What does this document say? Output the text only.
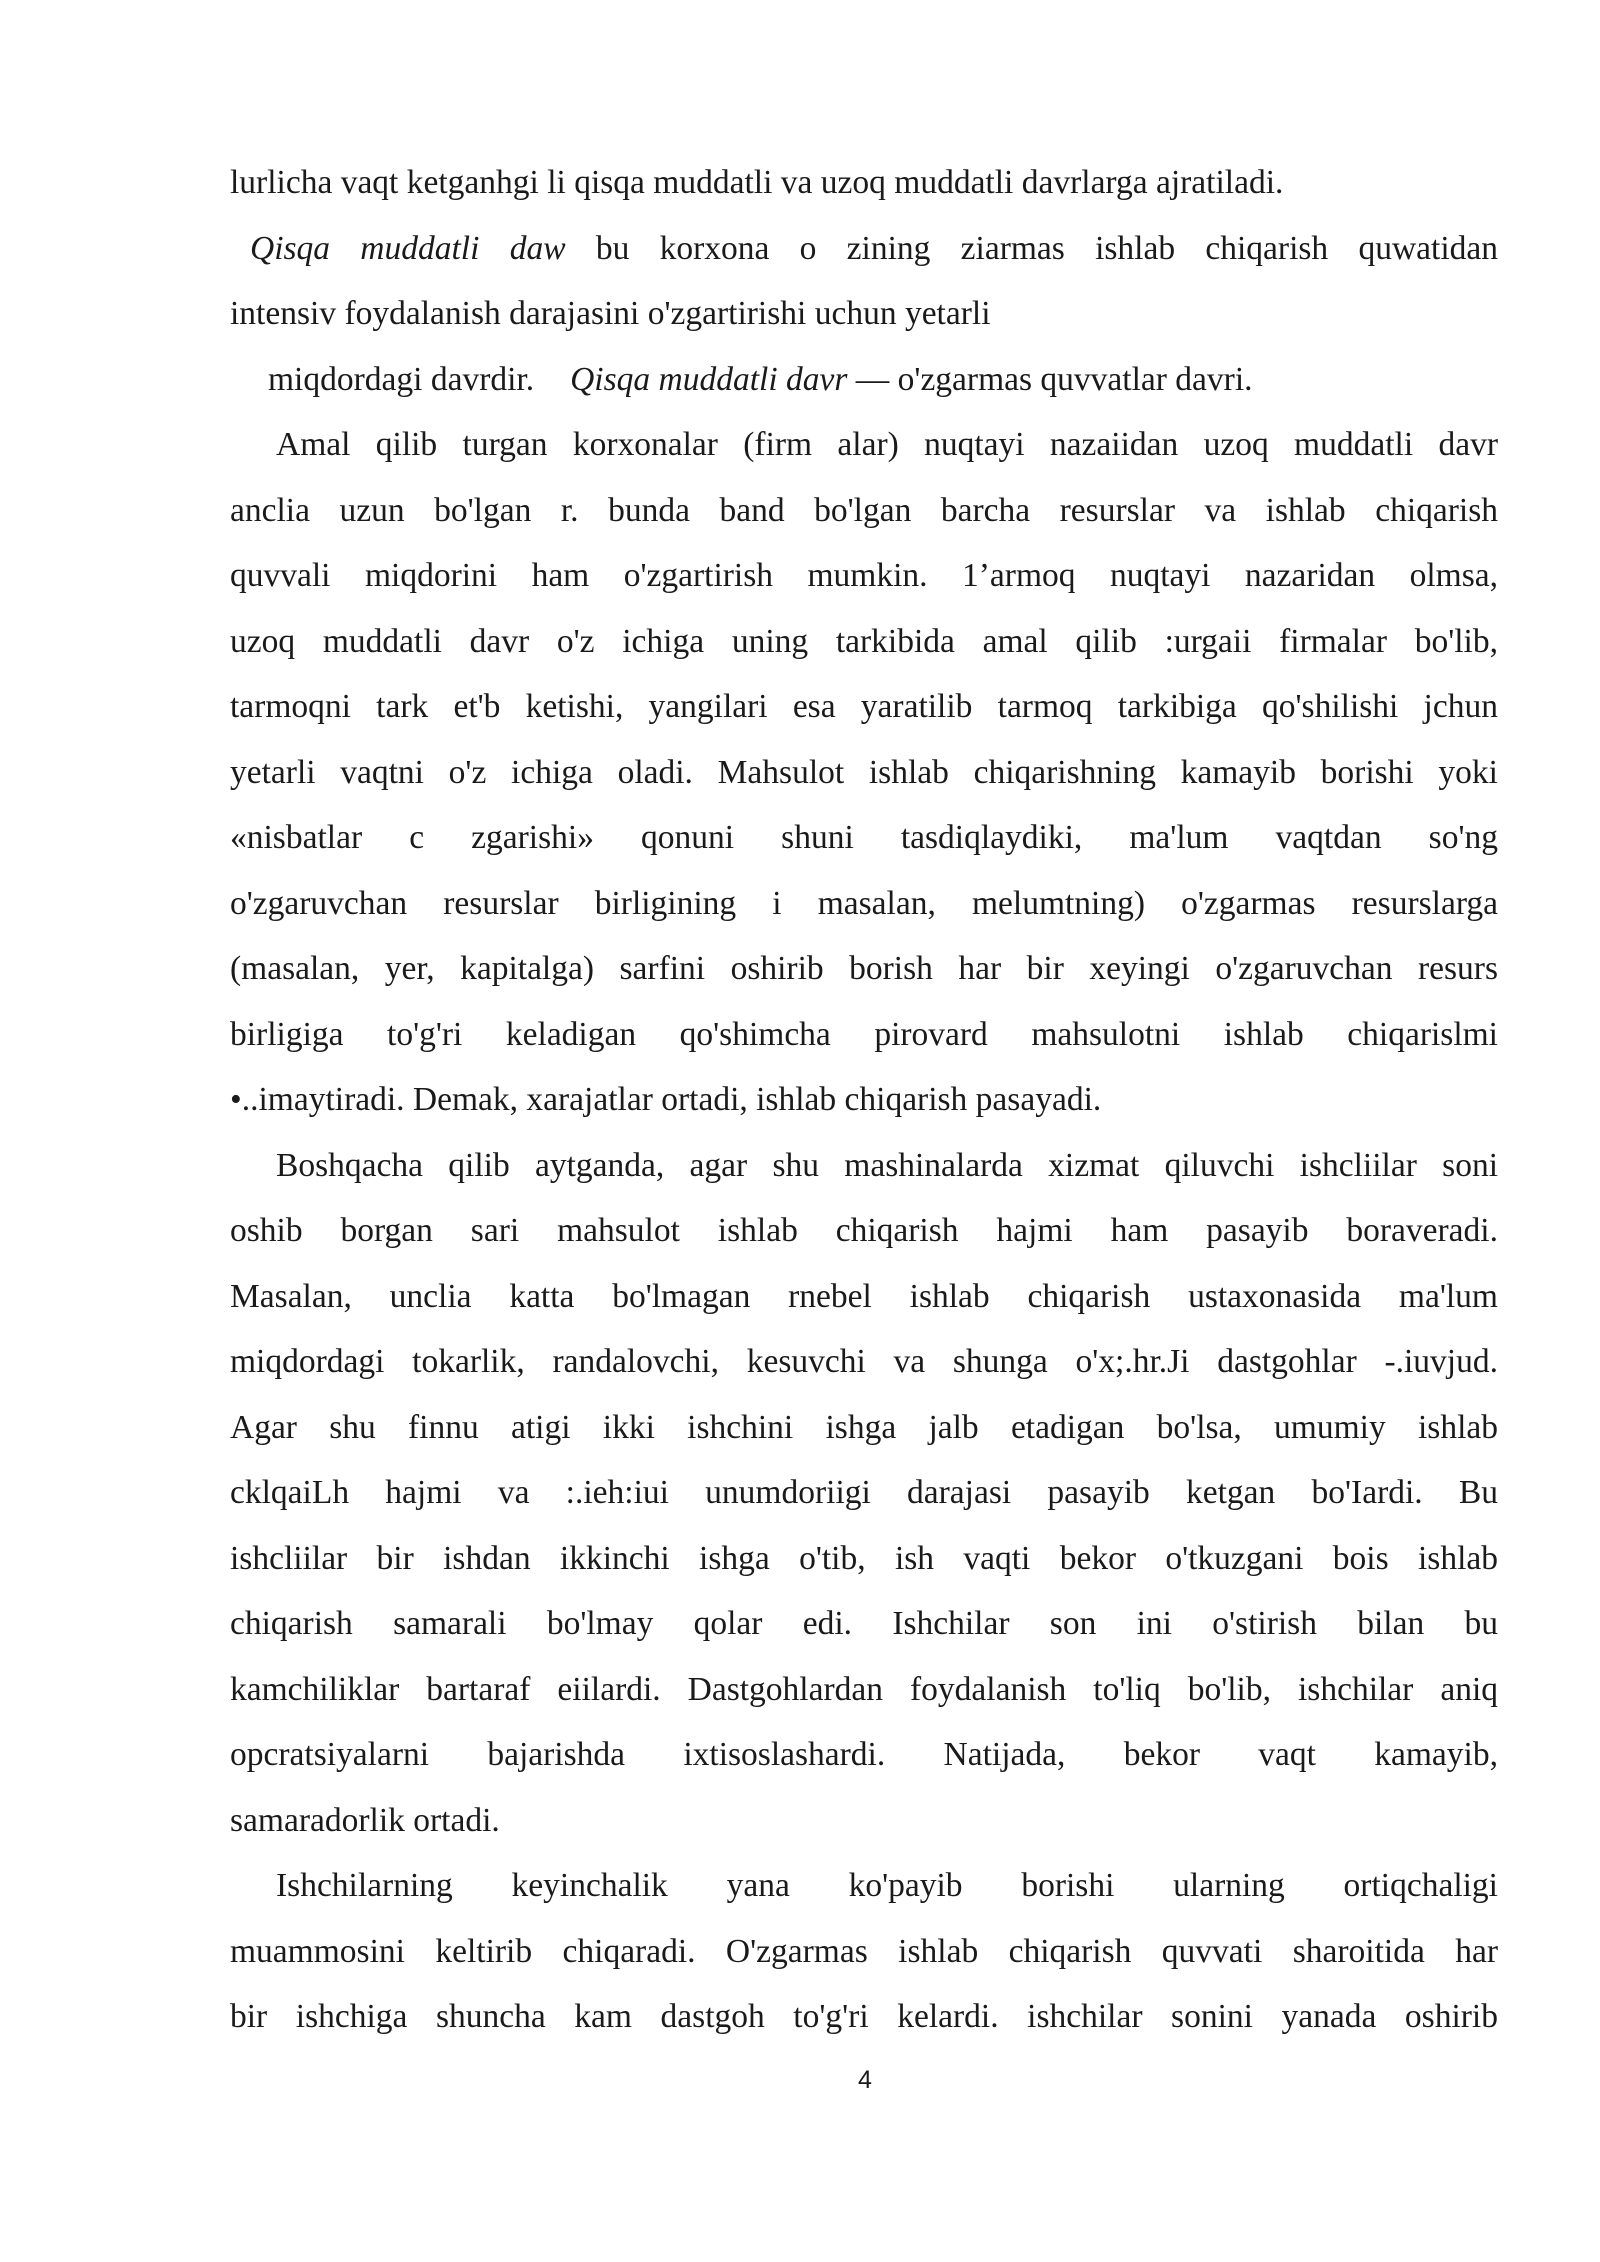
lurlicha vaqt ketganhgi li qisqa muddatli va uzoq muddatli davrlarga ajratiladi.
Qisqa muddatli daw bu korxona o zining ziarmas ishlab chiqarish quwatidan
intensiv foydalanish darajasini o'zgartirishi uchun yetarli
miqdordagi davrdir. Qisqa muddatli davr — o'zgarmas quvvatlar davri.
Amal qilib turgan korxonalar (firm alar) nuqtayi nazaiidan uzoq muddatli davr
anclia uzun bo'lgan r. bunda band bo'lgan barcha resurslar va ishlab chiqarish
quvvali miqdorini ham o'zgartirish mumkin. 1’armoq nuqtayi nazaridan olmsa,
uzoq muddatli davr o'z ichiga uning tarkibida amal qilib :urgaii firmalar bo'lib,
tarmoqni tark et'b ketishi, yangilari esa yaratilib tarmoq tarkibiga qo'shilishi jchun
yetarli vaqtni o'z ichiga oladi. Mahsulot ishlab chiqarishning kamayib borishi yoki
«nisbatlar c zgarishi» qonuni shuni tasdiqlaydiki, ma'lum vaqtdan so'ng
o'zgaruvchan resurslar birligining i masalan, melumtning) o'zgarmas resurslarga
(masalan, yer, kapitalga) sarfini oshirib borish har bir xeyingi o'zgaruvchan resurs
birligiga to'g'ri keladigan qo'shimcha pirovard mahsulotni ishlab chiqarislmi
•..imaytiradi. Demak, xarajatlar ortadi, ishlab chiqarish pasayadi.
Boshqacha qilib aytganda, agar shu mashinalarda xizmat qiluvchi ishcliilar soni
oshib borgan sari mahsulot ishlab chiqarish hajmi ham pasayib boraveradi.
Masalan, unclia katta bo'lmagan rnebel ishlab chiqarish ustaxonasida ma'lum
miqdordagi tokarlik, randalovchi, kesuvchi va shunga o'x;.hr.Ji dastgohlar -.iuvjud.
Agar shu finnu atigi ikki ishchini ishga jalb etadigan bo'lsa, umumiy ishlab
cklqaiLh hajmi va :.ieh:iui unumdoriigi darajasi pasayib ketgan bo'Iardi. Bu
ishcliilar bir ishdan ikkinchi ishga o'tib, ish vaqti bekor o'tkuzgani bois ishlab
chiqarish samarali bo'lmay qolar edi. Ishchilar son ini o'stirish bilan bu
kamchiliklar bartaraf eiilardi. Dastgohlardan foydalanish to'liq bo'lib, ishchilar aniq
opcratsiyalarni bajarishda ixtisoslashardi. Natijada, bekor vaqt kamayib,
samaradorlik ortadi.
Ishchilarning keyinchalik yana ko'payib borishi ularning ortiqchaligi
muammosini keltirib chiqaradi. O'zgarmas ishlab chiqarish quvvati sharoitida har
bir ishchiga shuncha kam dastgoh to'g'ri kelardi. ishchilar sonini yanada oshirib
4
